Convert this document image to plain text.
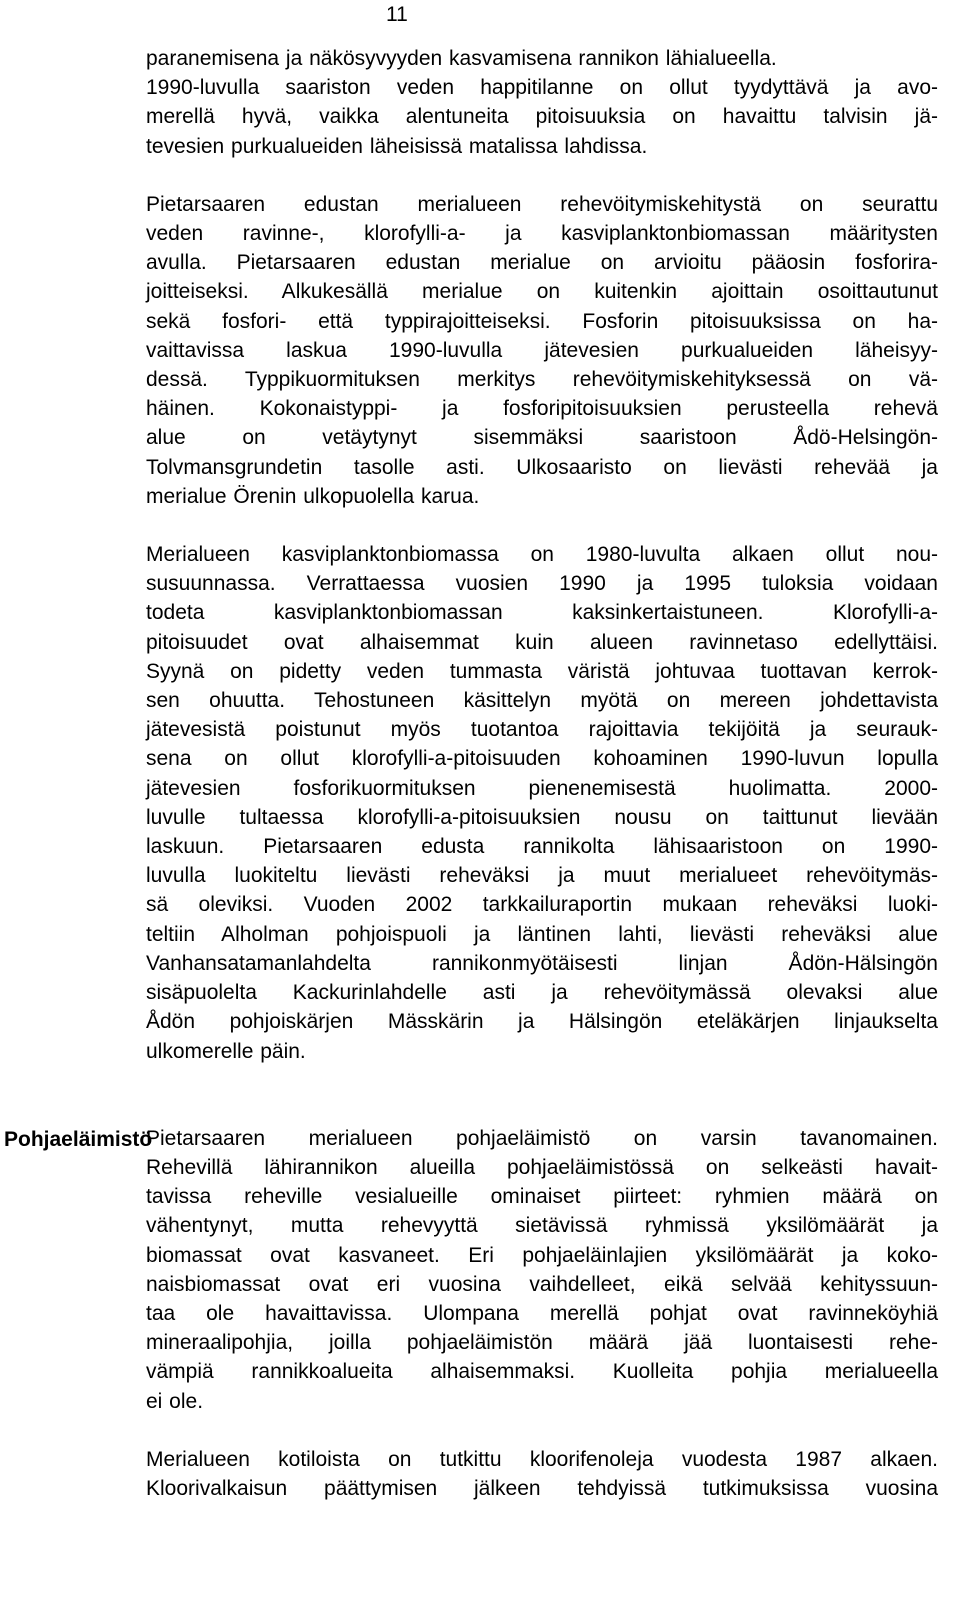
11
Pohjaeläimistö

paranemisena ja näkösyvyyden kasvamisena rannikon lähialueella.
1990-luvulla saariston veden happitilanne on ollut tyydyttävä ja avo-
merellä hyvä, vaikka alentuneita pitoisuuksia on havaittu talvisin jä-
tevesien purkualueiden läheisissä matalissa lahdissa.

Pietarsaaren edustan merialueen rehevöitymiskehitystä on seurattu
veden ravinne-, klorofylli-a- ja kasviplanktonbiomassan määritysten
avulla. Pietarsaaren edustan merialue on arvioitu pääosin fosforira-
joitteiseksi. Alkukesällä merialue on kuitenkin ajoittain osoittautunut
sekä fosfori- että typpirajoitteiseksi. Fosforin pitoisuuksissa on ha-
vaittavissa laskua 1990-luvulla jätevesien purkualueiden läheisyy-
dessä. Typpikuormituksen merkitys rehevöitymiskehityksessä on vä-
häinen. Kokonaistyppi- ja fosforipitoisuuksien perusteella rehevä
alue on vetäytynyt sisemmäksi saaristoon Ådö-Helsingön-
Tolvmansgrundetin tasolle asti. Ulkosaaristo on lievästi rehevää ja
merialue Örenin ulkopuolella karua.

Merialueen kasviplanktonbiomassa on 1980-luvulta alkaen ollut nou-
susuunnassa. Verrattaessa vuosien 1990 ja 1995 tuloksia voidaan
todeta kasviplanktonbiomassan kaksinkertaistuneen. Klorofylli-a-
pitoisuudet ovat alhaisemmat kuin alueen ravinnetaso edellyttäisi.
Syynä on pidetty veden tummasta väristä johtuvaa tuottavan kerrok-
sen ohuutta. Tehostuneen käsittelyn myötä on mereen johdettavista
jätevesistä poistunut myös tuotantoa rajoittavia tekijöitä ja seurauk-
sena on ollut klorofylli-a-pitoisuuden kohoaminen 1990-luvun lopulla
jätevesien fosforikuormituksen pienenemisestä huolimatta. 2000-
luvulle tultaessa klorofylli-a-pitoisuuksien nousu on taittunut lievään
laskuun. Pietarsaaren edusta rannikolta lähisaaristoon on 1990-
luvulla luokiteltu lievästi reheväksi ja muut merialueet rehevöitymäs-
sä oleviksi. Vuoden 2002 tarkkailuraportin mukaan reheväksi luoki-
teltiin Alholman pohjoispuoli ja läntinen lahti, lievästi reheväksi alue
Vanhansatamanlahdelta rannikonmyötäisesti linjan Ådön-Hälsingön
sisäpuolelta Kackurinlahdelle asti ja rehevöitymässä olevaksi alue
Ådön pohjoiskärjen Mässkärin ja Hälsingön eteläkärjen linjaukselta
ulkomerelle päin.

Pietarsaaren merialueen pohjaeläimistö on varsin tavanomainen.
Rehevillä lähirannikon alueilla pohjaeläimistössä on selkeästi havait-
tavissa reheville vesialueille ominaiset piirteet: ryhmien määrä on
vähentynyt, mutta rehevyyttä sietävissä ryhmissä yksilömäärät ja
biomassat ovat kasvaneet. Eri pohjaeläinlajien yksilömäärät ja koko-
naisbiomassat ovat eri vuosina vaihdelleet, eikä selvää kehityssuun-
taa ole havaittavissa. Ulompana merellä pohjat ovat ravinneköyhiä
mineraalipohjia, joilla pohjaeläimistön määrä jää luontaisesti rehe-
vämpiä rannikkoalueita alhaisemmaksi. Kuolleita pohjia merialueella
ei ole.

Merialueen kotiloista on tutkittu kloorifenoleja vuodesta 1987 alkaen.
Kloorivalkaisun päättymisen jälkeen tehdyissä tutkimuksissa vuosina
